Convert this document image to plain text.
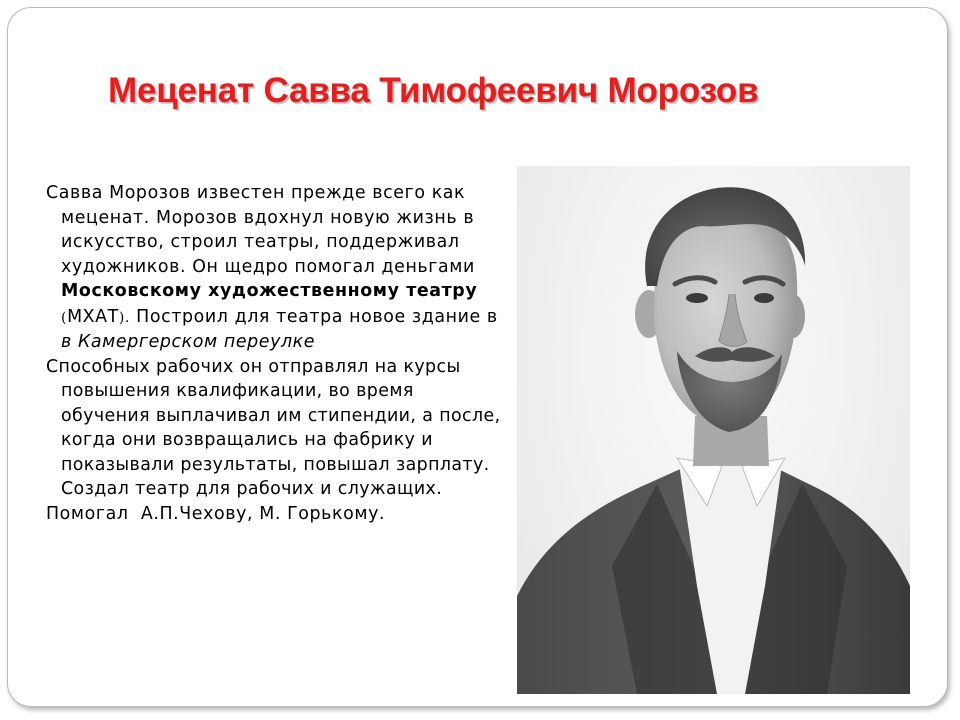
Меценат Савва Тимофеевич Морозов

Савва Морозов известен прежде всего как меценат. Морозов вдохнул новую жизнь в искусство, строил театры, поддерживал художников. Он щедро помогал деньгами Московскому художественному театру (МХАТ). Построил для театра новое здание в в Камергерском переулке

Способных рабочих он отправлял на курсы повышения квалификации, во время обучения выплачивал им стипендии, а после, когда они возвращались на фабрику и показывали результаты, повышал зарплату. Создал театр для рабочих и служащих.

Помогал А.П.Чехову, М. Горькому.
